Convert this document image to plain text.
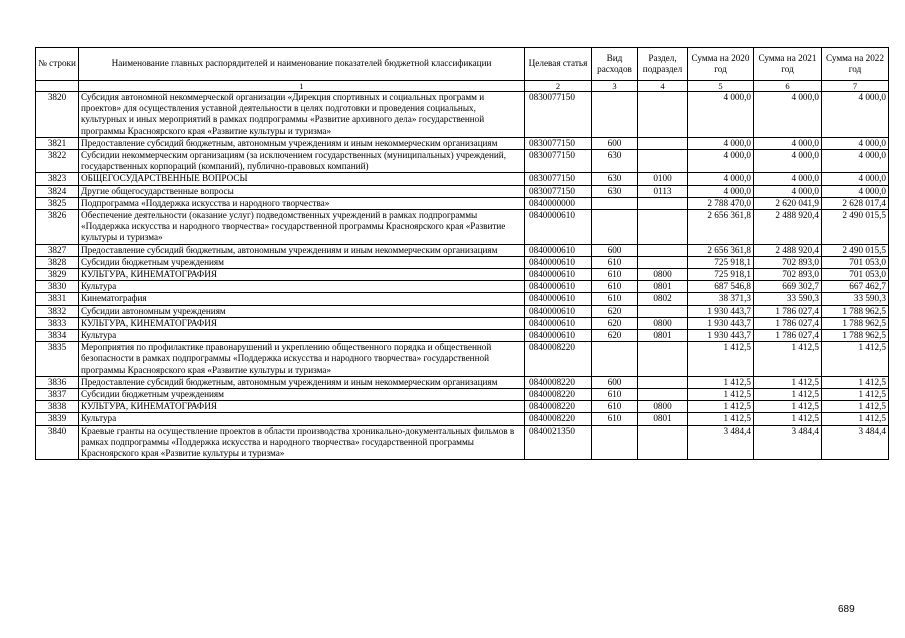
№ строки	Наименование главных распорядителей и наименование показателей бюджетной классификации	Целевая статья	Вид расходов	Раздел, подраздел	Сумма на 2020 год	Сумма на 2021 год	Сумма на 2022 год
	1	2	3	4	5	6	7
3820	Субсидия автономной некоммерческой организации «Дирекция спортивных и социальных программ и проектов» для осуществления уставной деятельности в целях подготовки и проведения социальных, культурных и иных мероприятий в рамках подпрограммы «Развитие архивного дела» государственной программы Красноярского края «Развитие культуры и туризма»	0830077150			4 000,0	4 000,0	4 000,0
3821	Предоставление субсидий бюджетным, автономным учреждениям и иным некоммерческим организациям	0830077150	600		4 000,0	4 000,0	4 000,0
3822	Субсидии некоммерческим организациям (за исключением государственных (муниципальных) учреждений, государственных корпораций (компаний), публично-правовых компаний)	0830077150	630		4 000,0	4 000,0	4 000,0
3823	ОБЩЕГОСУДАРСТВЕННЫЕ ВОПРОСЫ	0830077150	630	0100	4 000,0	4 000,0	4 000,0
3824	Другие общегосударственные вопросы	0830077150	630	0113	4 000,0	4 000,0	4 000,0
3825	Подпрограмма «Поддержка искусства и народного творчества»	0840000000			2 788 470,0	2 620 041,9	2 628 017,4
3826	Обеспечение деятельности (оказание услуг) подведомственных учреждений в рамках подпрограммы «Поддержка искусства и народного творчества» государственной программы Красноярского края «Развитие культуры и туризма»	0840000610			2 656 361,8	2 488 920,4	2 490 015,5
3827	Предоставление субсидий бюджетным, автономным учреждениям и иным некоммерческим организациям	0840000610	600		2 656 361,8	2 488 920,4	2 490 015,5
3828	Субсидии бюджетным учреждениям	0840000610	610		725 918,1	702 893,0	701 053,0
3829	КУЛЬТУРА, КИНЕМАТОГРАФИЯ	0840000610	610	0800	725 918,1	702 893,0	701 053,0
3830	Культура	0840000610	610	0801	687 546,8	669 302,7	667 462,7
3831	Кинематография	0840000610	610	0802	38 371,3	33 590,3	33 590,3
3832	Субсидии автономным учреждениям	0840000610	620		1 930 443,7	1 786 027,4	1 788 962,5
3833	КУЛЬТУРА, КИНЕМАТОГРАФИЯ	0840000610	620	0800	1 930 443,7	1 786 027,4	1 788 962,5
3834	Культура	0840000610	620	0801	1 930 443,7	1 786 027,4	1 788 962,5
3835	Мероприятия по профилактике правонарушений и укреплению общественного порядка и общественной безопасности в рамках подпрограммы «Поддержка искусства и народного творчества» государственной программы Красноярского края «Развитие культуры и туризма»	0840008220			1 412,5	1 412,5	1 412,5
3836	Предоставление субсидий бюджетным, автономным учреждениям и иным некоммерческим организациям	0840008220	600		1 412,5	1 412,5	1 412,5
3837	Субсидии бюджетным учреждениям	0840008220	610		1 412,5	1 412,5	1 412,5
3838	КУЛЬТУРА, КИНЕМАТОГРАФИЯ	0840008220	610	0800	1 412,5	1 412,5	1 412,5
3839	Культура	0840008220	610	0801	1 412,5	1 412,5	1 412,5
3840	Краевые гранты на осуществление проектов в области производства хроникально-документальных фильмов в рамках подпрограммы «Поддержка искусства и народного творчества» государственной программы Красноярского края «Развитие культуры и туризма»	0840021350			3 484,4	3 484,4	3 484,4
689
